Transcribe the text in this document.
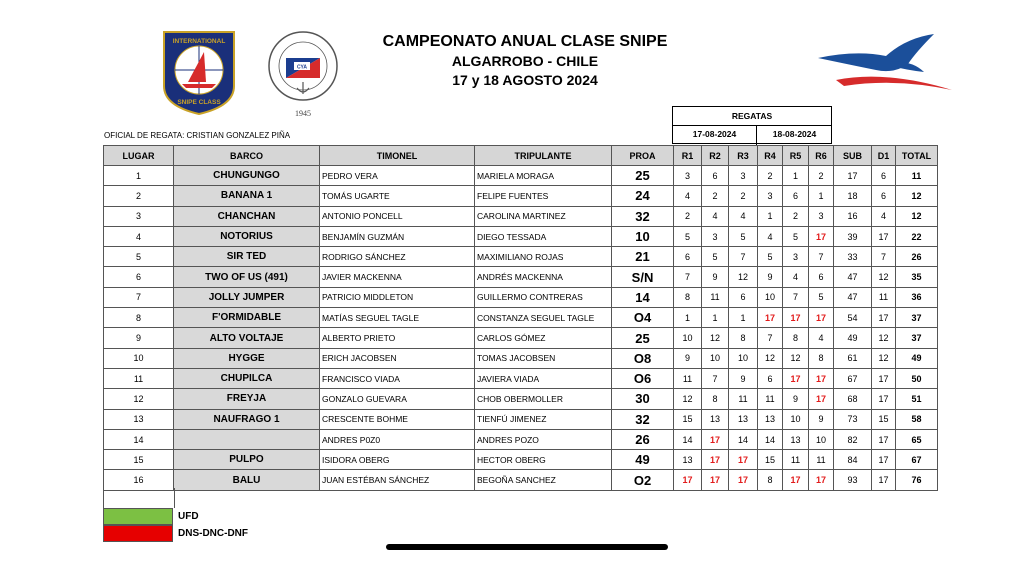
INTERNATIONAL
SNIPE CLASS
CYA
1945
CAMPEONATO ANUAL CLASE SNIPE
ALGARROBO - CHILE
17 y 18 AGOSTO 2024
OFICIAL DE REGATA: CRISTIAN GONZALEZ PIÑA
REGATAS
17-08-2024	18-08-2024
LUGAR	BARCO	TIMONEL	TRIPULANTE	PROA	R1	R2	R3	R4	R5	R6	SUB	D1	TOTAL
1	CHUNGUNGO	PEDRO VERA	MARIELA MORAGA	25	3	6	3	2	1	2	17	6	11
2	BANANA 1	TOMÁS UGARTE	FELIPE FUENTES	24	4	2	2	3	6	1	18	6	12
3	CHANCHAN	ANTONIO PONCELL	CAROLINA MARTINEZ	32	2	4	4	1	2	3	16	4	12
4	NOTORIUS	BENJAMÍN GUZMÁN	DIEGO TESSADA	10	5	3	5	4	5	17	39	17	22
5	SIR TED	RODRIGO SÁNCHEZ	MAXIMILIANO ROJAS	21	6	5	7	5	3	7	33	7	26
6	TWO OF US (491)	JAVIER MACKENNA	ANDRÉS MACKENNA	S/N	7	9	12	9	4	6	47	12	35
7	JOLLY JUMPER	PATRICIO MIDDLETON	GUILLERMO CONTRERAS	14	8	11	6	10	7	5	47	11	36
8	F'ORMIDABLE	MATÍAS SEGUEL TAGLE	CONSTANZA SEGUEL TAGLE	O4	1	1	1	17	17	17	54	17	37
9	ALTO VOLTAJE	ALBERTO PRIETO	CARLOS GÓMEZ	25	10	12	8	7	8	4	49	12	37
10	HYGGE	ERICH JACOBSEN	TOMAS JACOBSEN	O8	9	10	10	12	12	8	61	12	49
11	CHUPILCA	FRANCISCO VIADA	JAVIERA VIADA	O6	11	7	9	6	17	17	67	17	50
12	FREYJA	GONZALO GUEVARA	CHOB OBERMOLLER	30	12	8	11	11	9	17	68	17	51
13	NAUFRAGO 1	CRESCENTE BOHME	TIENFÚ JIMENEZ	32	15	13	13	13	10	9	73	15	58
14		ANDRES P0Z0	ANDRES POZO	26	14	17	14	14	13	10	82	17	65
15	PULPO	ISIDORA OBERG	HECTOR OBERG	49	13	17	17	15	11	11	84	17	67
16	BALU	JUAN ESTÉBAN SÁNCHEZ	BEGOÑA SANCHEZ	O2	17	17	17	8	17	17	93	17	76
UFD
DNS-DNC-DNF
